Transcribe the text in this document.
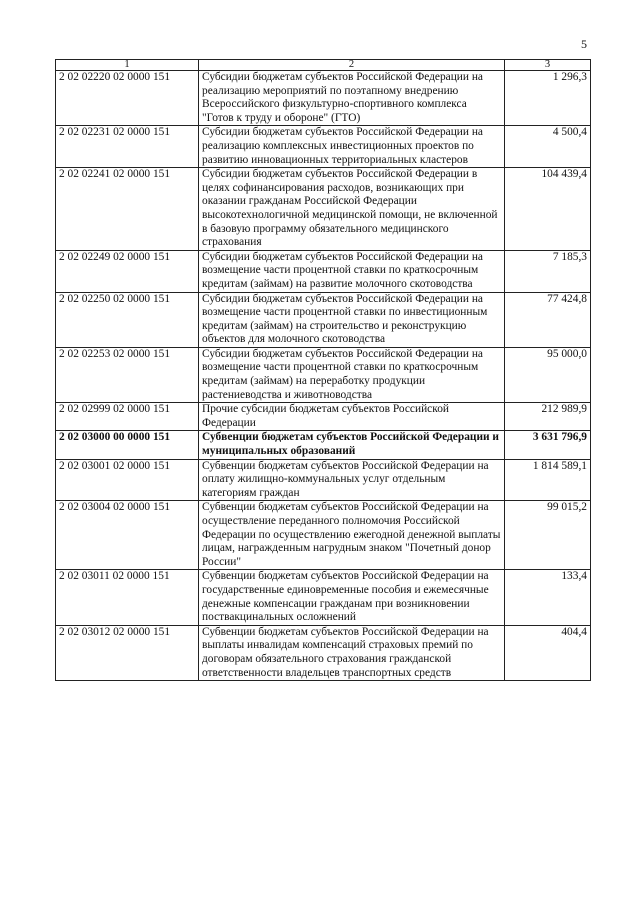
5
1	2	3
2 02 02220 02 0000 151	Субсидии бюджетам субъектов Российской Федерации на реализацию мероприятий по поэтапному внедрению Всероссийского физкультурно-спортивного комплекса "Готов к труду и обороне" (ГТО)	1 296,3
2 02 02231 02 0000 151	Субсидии бюджетам субъектов Российской Федерации на реализацию комплексных инвестиционных проектов по развитию инновационных территориальных кластеров	4 500,4
2 02 02241 02 0000 151	Субсидии бюджетам субъектов Российской Федерации в целях софинансирования расходов, возникающих при оказании гражданам Российской Федерации высокотехнологичной медицинской помощи, не включенной в базовую программу обязательного медицинского страхования	104 439,4
2 02 02249 02 0000 151	Субсидии бюджетам субъектов Российской Федерации на возмещение части процентной ставки по краткосрочным кредитам (займам) на развитие молочного скотоводства	7 185,3
2 02 02250 02 0000 151	Субсидии бюджетам субъектов Российской Федерации на возмещение части процентной ставки по инвестиционным кредитам (займам) на строительство и реконструкцию объектов для молочного скотоводства	77 424,8
2 02 02253 02 0000 151	Субсидии бюджетам субъектов Российской Федерации на возмещение части процентной ставки по краткосрочным кредитам (займам) на переработку продукции растениеводства и животноводства	95 000,0
2 02 02999 02 0000 151	Прочие субсидии бюджетам субъектов Российской Федерации	212 989,9
2 02 03000 00 0000 151	Субвенции бюджетам субъектов Российской Федерации и муниципальных образований	3 631 796,9
2 02 03001 02 0000 151	Субвенции бюджетам субъектов Российской Федерации на оплату жилищно-коммунальных услуг отдельным категориям граждан	1 814 589,1
2 02 03004 02 0000 151	Субвенции бюджетам субъектов Российской Федерации на осуществление переданного полномочия Российской Федерации по осуществлению ежегодной денежной выплаты лицам, награжденным нагрудным знаком "Почетный донор России"	99 015,2
2 02 03011 02 0000 151	Субвенции бюджетам субъектов Российской Федерации на государственные единовременные пособия и ежемесячные денежные компенсации гражданам при возникновении поствакцинальных осложнений	133,4
2 02 03012 02 0000 151	Субвенции бюджетам субъектов Российской Федерации на выплаты инвалидам компенсаций страховых премий по договорам обязательного страхования гражданской ответственности владельцев транспортных средств	404,4
